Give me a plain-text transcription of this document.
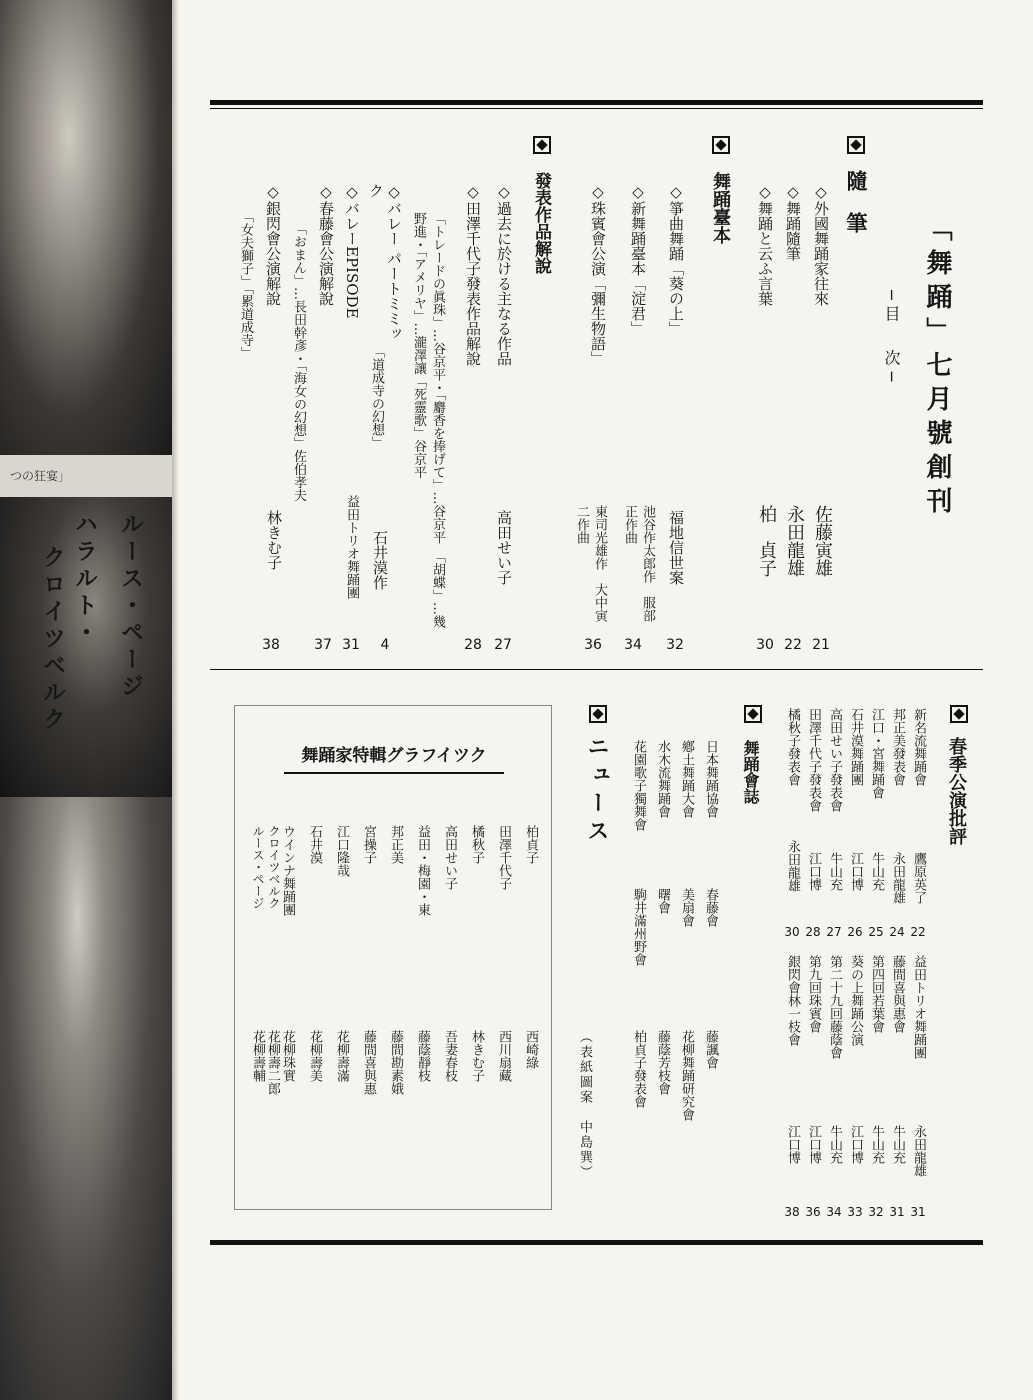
つの狂宴」
ルース・ページ
ハラルト・
クロイツベルク
「舞踊」七月號創刊
─目　次─
隨　筆
◇外國舞踊家往來
佐藤寅雄
21
◇舞踊隨筆
永田龍雄
22
◇舞踊と云ふ言葉
柏　貞子
30
舞踊臺本
◇箏曲舞踊「葵の上」
福地信世案
32
◇新舞踊臺本「淀君」
池谷作太郎作　服部正作曲
34
◇珠賓會公演「彌生物語」
東司光雄作　大中寅二作曲
36
發表作品解說
◇過去に於ける主なる作品
高田せい子
27
◇田澤千代子發表作品解說
「トレードの眞珠」…谷京平・「麝香を捧げて」…谷京平　「胡蝶」…幾野進・「アメリヤ」…瀧澤讓「死靈歌」谷京平
28
◇バレー パートミミック
「道成寺の幻想」
石井漠作
4
◇バレーEPISODE
益田トリオ舞踊團
31
◇春藤會公演解說
「おまん」…長田幹彥・「海女の幻想」佐伯孝夫
37
◇銀閃會公演解說
「女夫獅子」「累道成寺」
林きむ子
38
春季公演批評
新名流舞踊會
鷹原英了
22
邦正美發表會
永田龍雄
24
江口・宮舞踊會
牛山充
25
石井漠舞踊團
江口博
26
高田せい子發表會
牛山充
27
田澤千代子發表會
江口博
28
橘秋子發表會
永田龍雄
30
益田トリオ舞踊團
永田龍雄
31
藤間喜與惠會
牛山充
31
第四回若葉會
牛山充
32
葵の上舞踊公演
江口博
33
第二十九回藤蔭會
牛山充
34
第九回珠賓會
江口博
36
銀閃會林一枝會
江口博
38
舞踊會誌
日本舞踊協會
春藤會
藤諷會
鄕土舞踊大會
美扇會
花柳舞踊研究會
水木流舞踊會
曙會
藤蔭芳枝會
花園歌子獨舞會
駒井滿州野會
柏貞子發表會
ニュース
（表紙圖案　中島巽）
舞踊家特輯グラフイツク
柏貞子
田澤千代子
橘秋子
高田せい子
益田・梅園・東
邦正美
宮操子
江口隆哉
石井漠
ウインナ舞踊團
クロイツベルク
ルース・ページ
西崎綠
西川扇藏
林きむ子
吾妻春枝
藤蔭靜枝
藤間勘素娥
藤間喜與惠
花柳壽滿
花柳壽美
花柳珠實
花柳壽二郎
花柳壽輔
